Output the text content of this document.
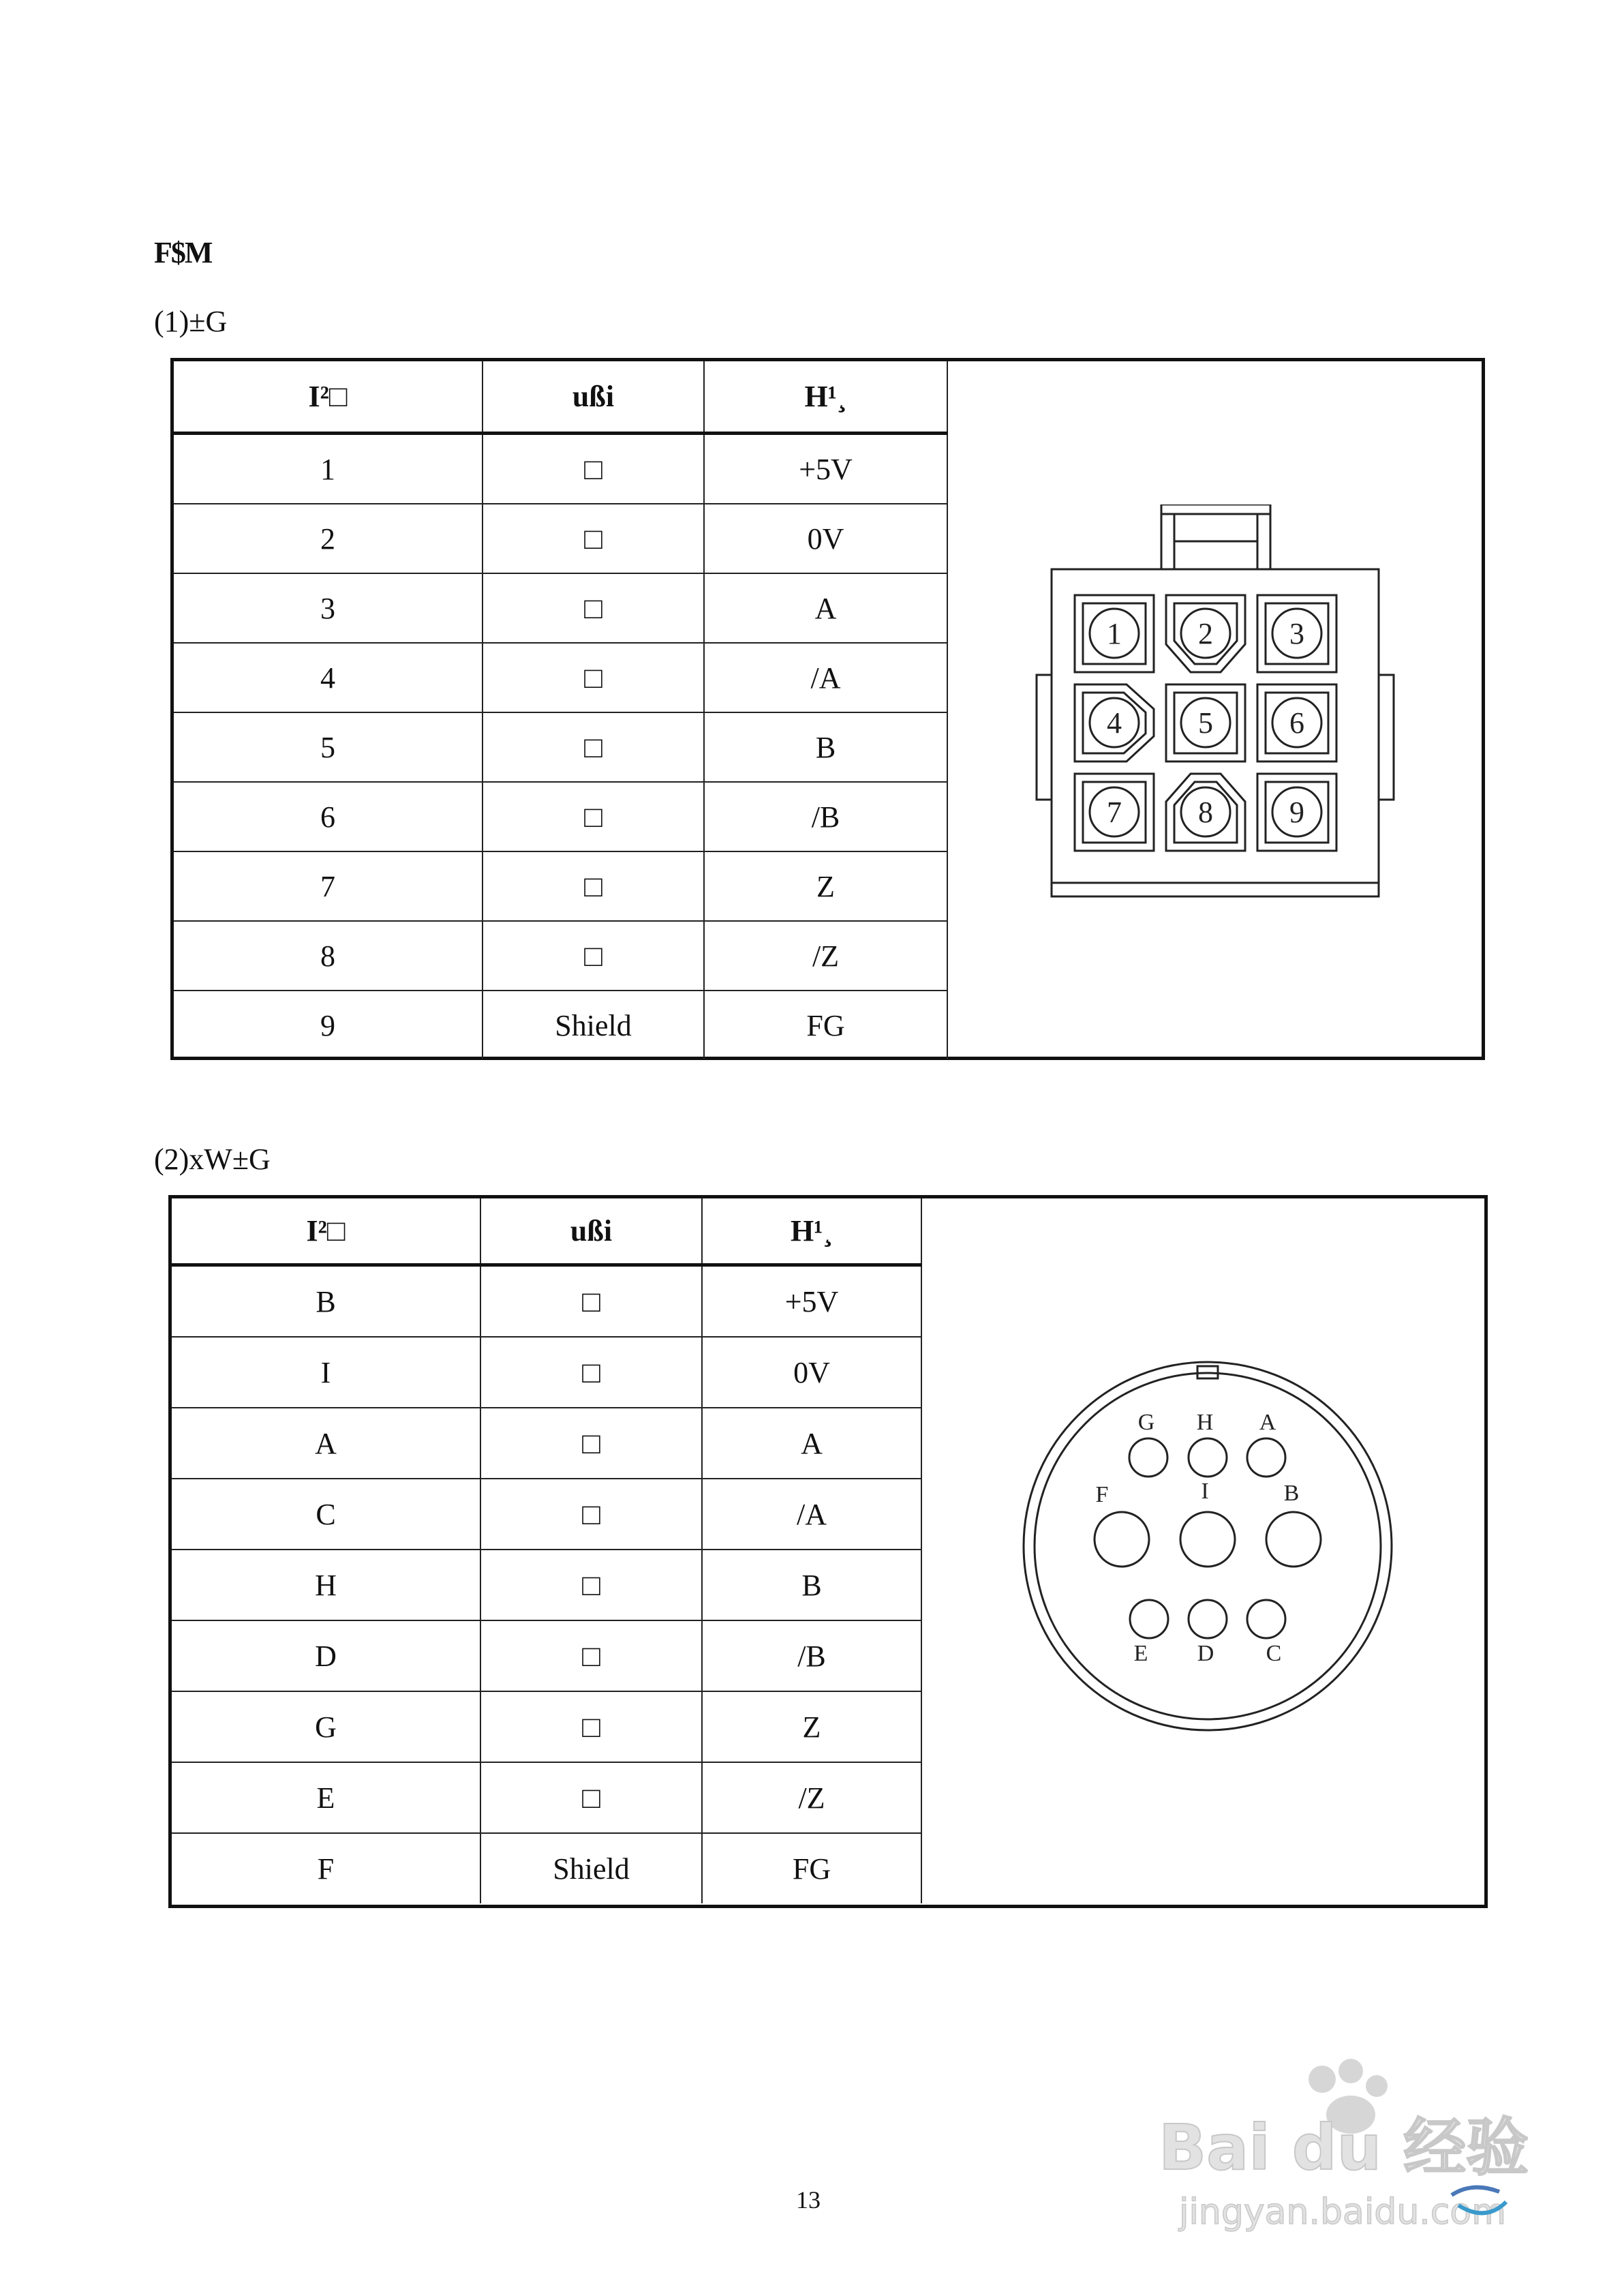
F$M
(1)±G
I²□	ußi	H¹¸
1	□	+5V
2	□	0V
3	□	A
4	□	/A
5	□	B
6	□	/B
7	□	Z
8	□	/Z
9	Shield	FG
1	2	3
4	5	6
7	8	9
(2)xW±G
I²□	ußi	H¹¸
B	□	+5V
I	□	0V
A	□	A
C	□	/A
H	□	B
D	□	/B
G	□	Z
E	□	/Z
F	Shield	FG
G H A
F	I	B
E D C
13
Bai du 经验
jingyan.baidu.com
